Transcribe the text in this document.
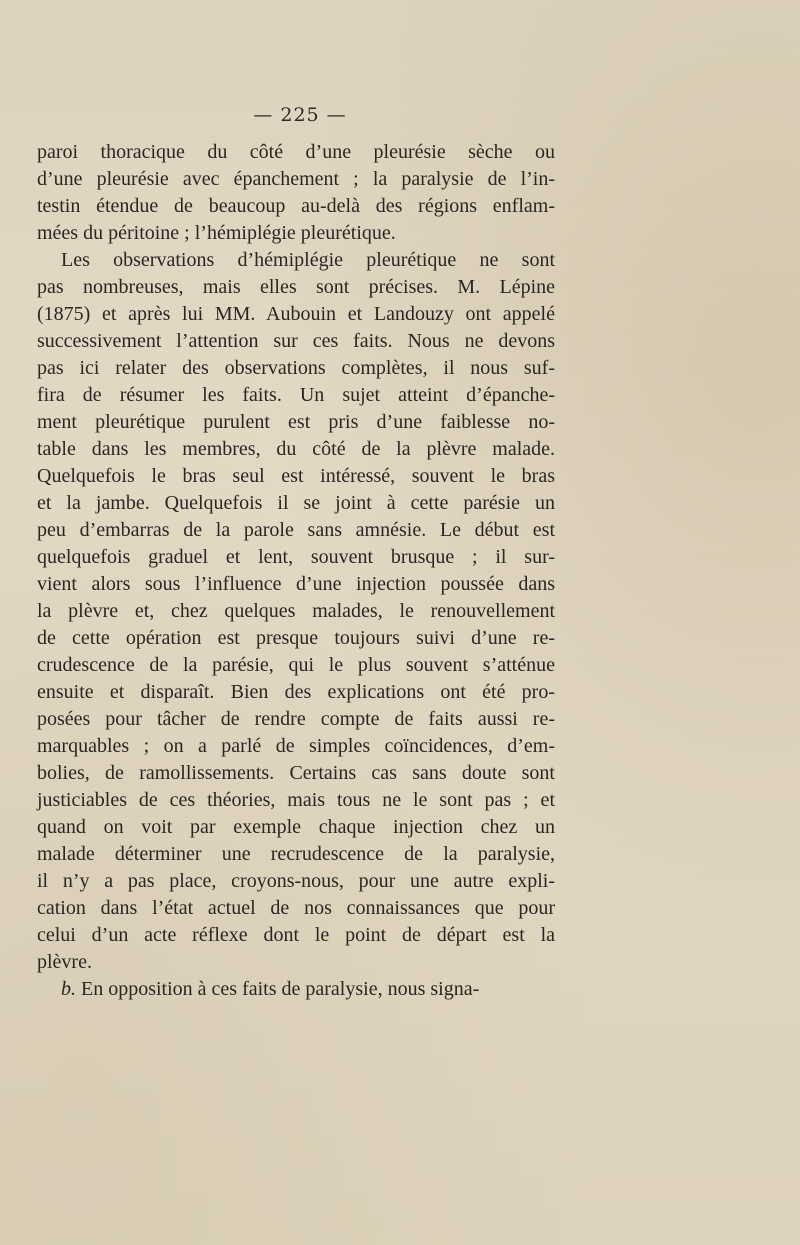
— 225 —
paroi thoracique du côté d’une pleurésie sèche ou
d’une pleurésie avec épanchement ; la paralysie de l’in-
testin étendue de beaucoup au-delà des régions enflam-
mées du péritoine ; l’hémiplégie pleurétique.
Les observations d’hémiplégie pleurétique ne sont
pas nombreuses, mais elles sont précises. M. Lépine
(1875) et après lui MM. Aubouin et Landouzy ont appelé
successivement l’attention sur ces faits. Nous ne devons
pas ici relater des observations complètes, il nous suf-
fira de résumer les faits. Un sujet atteint d’épanche-
ment pleurétique purulent est pris d’une faiblesse no-
table dans les membres, du côté de la plèvre malade.
Quelquefois le bras seul est intéressé, souvent le bras
et la jambe. Quelquefois il se joint à cette parésie un
peu d’embarras de la parole sans amnésie. Le début est
quelquefois graduel et lent, souvent brusque ; il sur-
vient alors sous l’influence d’une injection poussée dans
la plèvre et, chez quelques malades, le renouvellement
de cette opération est presque toujours suivi d’une re-
crudescence de la parésie, qui le plus souvent s’atténue
ensuite et disparaît. Bien des explications ont été pro-
posées pour tâcher de rendre compte de faits aussi re-
marquables ; on a parlé de simples coïncidences, d’em-
bolies, de ramollissements. Certains cas sans doute sont
justiciables de ces théories, mais tous ne le sont pas ; et
quand on voit par exemple chaque injection chez un
malade déterminer une recrudescence de la paralysie,
il n’y a pas place, croyons-nous, pour une autre expli-
cation dans l’état actuel de nos connaissances que pour
celui d’un acte réflexe dont le point de départ est la
plèvre.
b. En opposition à ces faits de paralysie, nous signa-
